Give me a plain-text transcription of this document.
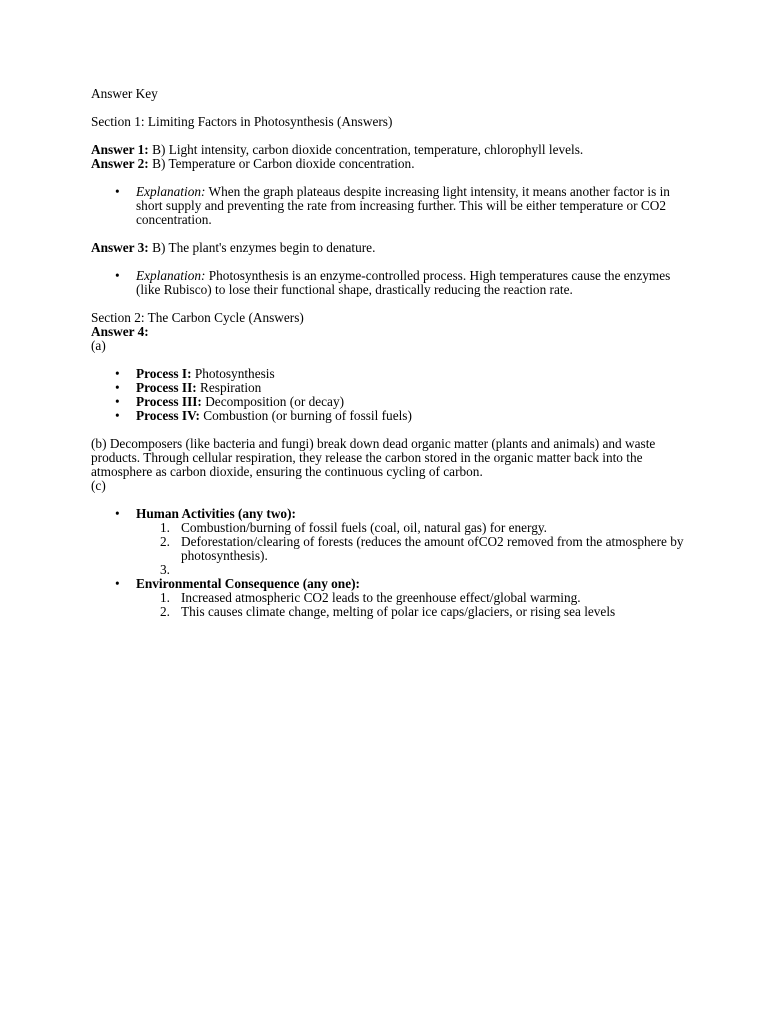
Answer Key

Section 1: Limiting Factors in Photosynthesis (Answers)

Answer 1: B) Light intensity, carbon dioxide concentration, temperature, chlorophyll levels.

Answer 2: B) Temperature or Carbon dioxide concentration.

• Explanation: When the graph plateaus despite increasing light intensity, it means another factor is in short supply and preventing the rate from increasing further. This will be either temperature or CO2 concentration.

Answer 3: B) The plant's enzymes begin to denature.

• Explanation: Photosynthesis is an enzyme-controlled process. High temperatures cause the enzymes (like Rubisco) to lose their functional shape, drastically reducing the reaction rate.

Section 2: The Carbon Cycle (Answers)

Answer 4:

(a)

• Process I: Photosynthesis
• Process II: Respiration
• Process III: Decomposition (or decay)
• Process IV: Combustion (or burning of fossil fuels)

(b) Decomposers (like bacteria and fungi) break down dead organic matter (plants and animals) and waste products. Through cellular respiration, they release the carbon stored in the organic matter back into the atmosphere as carbon dioxide, ensuring the continuous cycling of carbon.

(c)

• Human Activities (any two):
1. Combustion/burning of fossil fuels (coal, oil, natural gas) for energy.
2. Deforestation/clearing of forests (reduces the amount ofCO2 removed from the atmosphere by photosynthesis).
3.
• Environmental Consequence (any one):
1. Increased atmospheric CO2 leads to the greenhouse effect/global warming.
2. This causes climate change, melting of polar ice caps/glaciers, or rising sea levels
